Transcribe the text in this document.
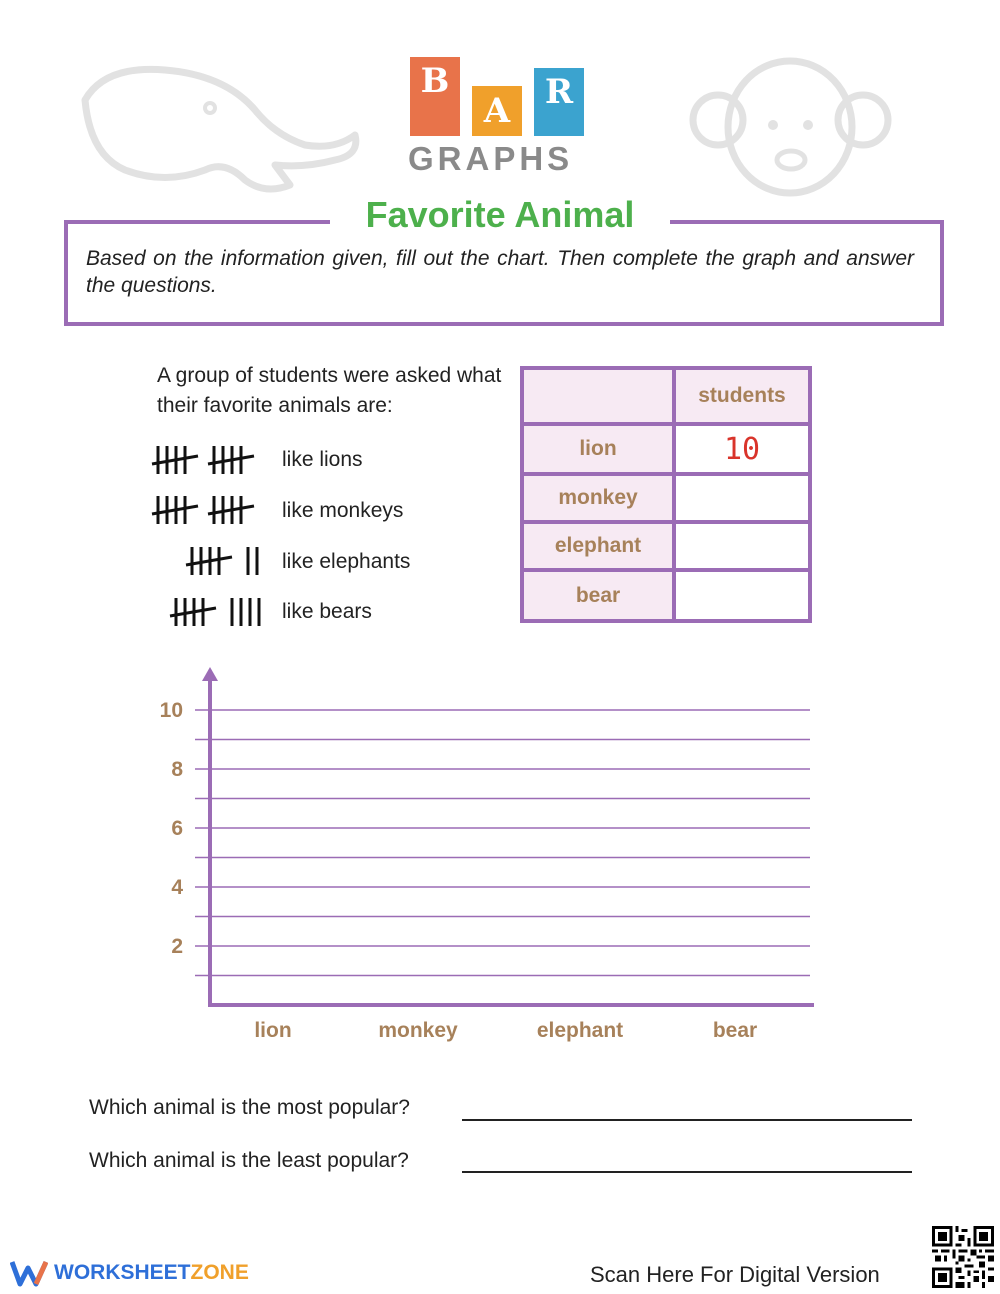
B
A	R
GRAPHS
Favorite Animal
Based on the information given, fill out the chart. Then complete the graph and answer the questions.
A group of students were asked what their favorite animals are:
like lions
like monkeys
like elephants
like bears
students
lion	10
monkey
elephant
bear
10
8
6
4
2
lion	monkey	elephant	bear
Which animal is the most popular?
Which animal is the least popular?
WORKSHEET ZONE	Scan Here For Digital Version
